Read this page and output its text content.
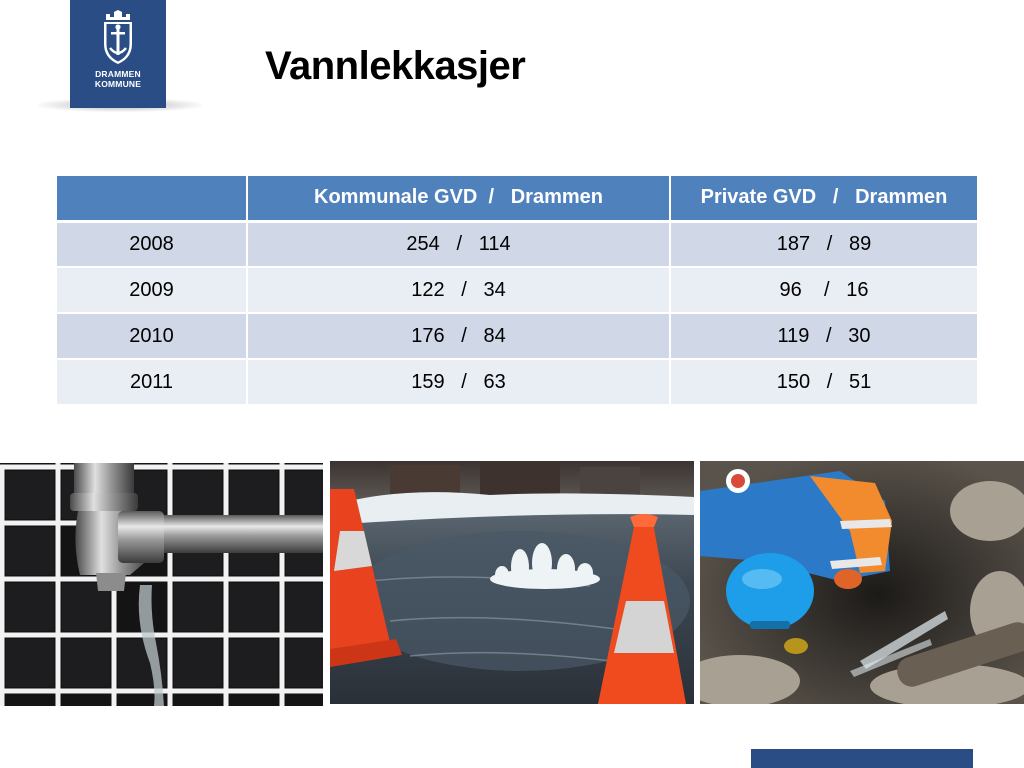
DRAMMEN
KOMMUNE	Vannlekkasjer
	Kommunale GVD  /   Drammen	Private GVD   /   Drammen
2008	254   /   114	187   /   89
2009	122   /   34	96    /   16
2010	176   /   84	119   /   30
2011	159   /   63	150   /   51
